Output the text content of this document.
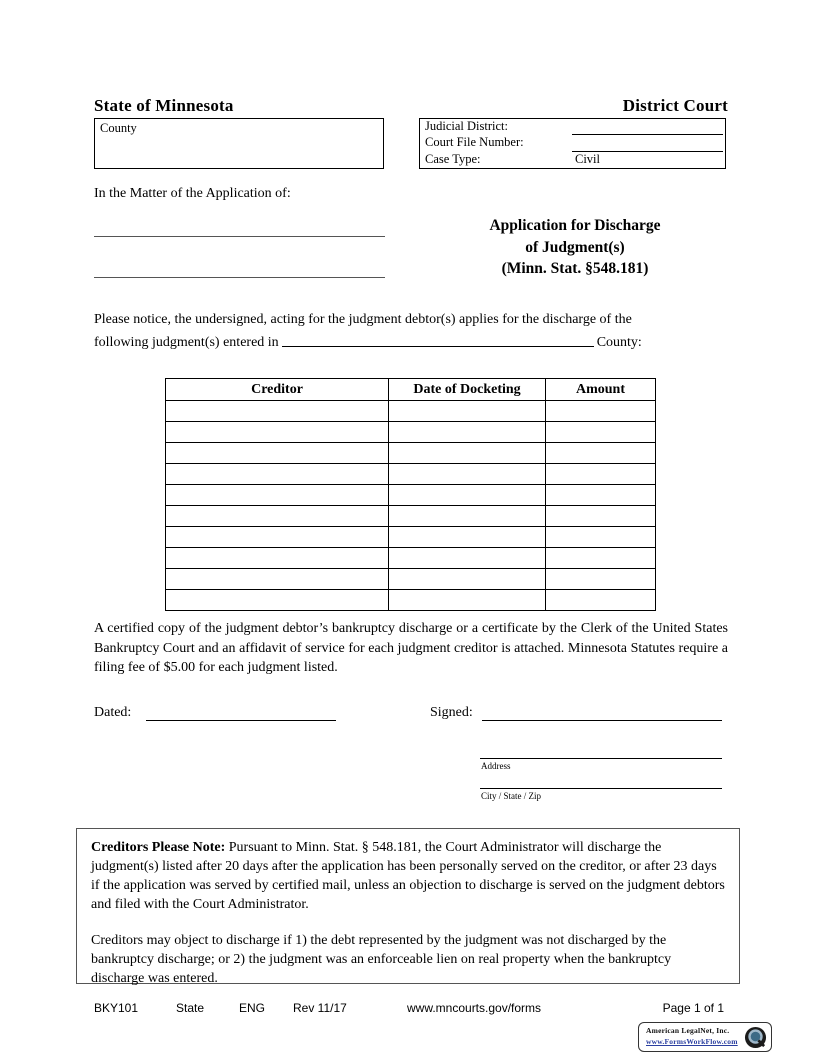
State of Minnesota	District Court
County	Judicial District:
Court File Number:
Case Type:	Civil
In the Matter of the Application of:
Application for Discharge
of Judgment(s)
(Minn. Stat. §548.181)
Please notice, the undersigned, acting for the judgment debtor(s) applies for the discharge of the
following judgment(s) entered in	County:
Creditor	Date of Docketing	Amount

A certified copy of the judgment debtor’s bankruptcy discharge or a certificate by the Clerk of the United States Bankruptcy Court and an affidavit of service for each judgment creditor is attached. Minnesota Statutes require a filing fee of $5.00 for each judgment listed.
Dated:	Signed:
Address
City / State / Zip

Creditors Please Note: Pursuant to Minn. Stat. § 548.181, the Court Administrator will discharge the judgment(s) listed after 20 days after the application has been personally served on the creditor, or after 23 days if the application was served by certified mail, unless an objection to discharge is served on the judgment debtors and filed with the Court Administrator.

Creditors may object to discharge if 1) the debt represented by the judgment was not discharged by the bankruptcy discharge; or 2) the judgment was an enforceable lien on real property when the bankruptcy discharge was entered.

BKY101	State	ENG Rev 11/17	www.mncourts.gov/forms	Page 1 of 1
American LegalNet, Inc.
www.FormsWorkFlow.com
